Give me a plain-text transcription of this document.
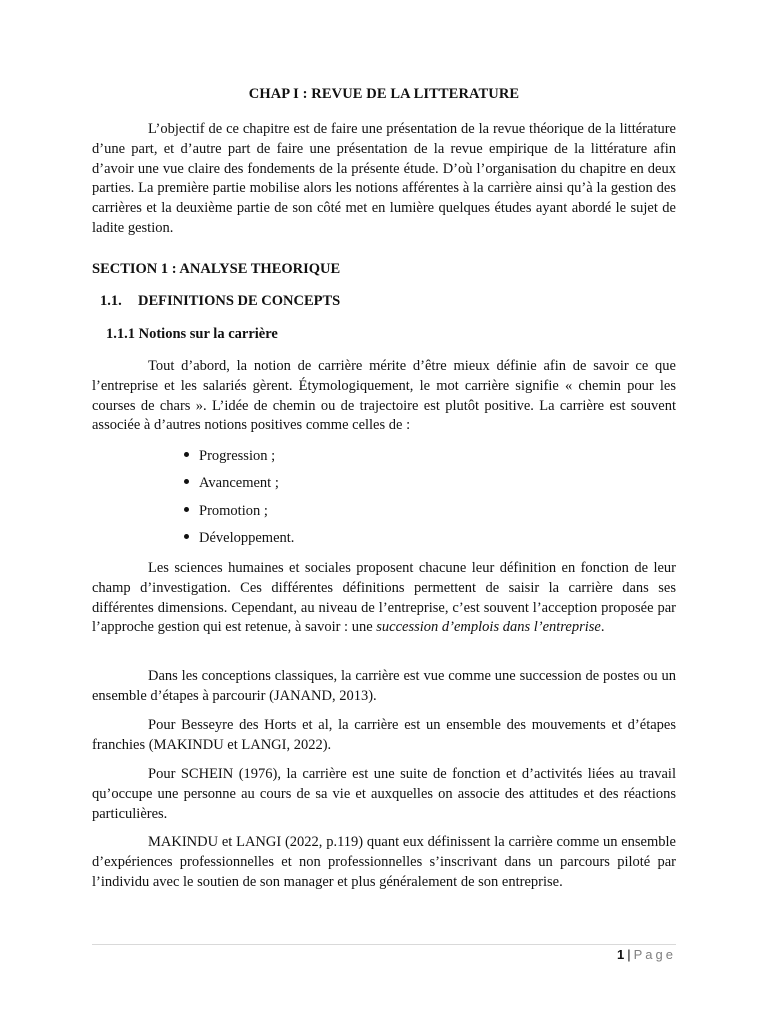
CHAP I : REVUE DE LA LITTERATURE

L’objectif de ce chapitre est de faire une présentation de la revue théorique de la littérature d’une part, et d’autre part de faire une présentation de la revue empirique de la littérature afin d’avoir une vue claire des fondements de la présente étude. D’où l’organisation du chapitre en deux parties. La première partie mobilise alors les notions afférentes à la carrière ainsi qu’à la gestion des carrières et la deuxième partie de son côté met en lumière quelques études ayant abordé le sujet de ladite gestion.

SECTION 1 : ANALYSE THEORIQUE
1.1. DEFINITIONS DE CONCEPTS
1.1.1 Notions sur la carrière

Tout d’abord, la notion de carrière mérite d’être mieux définie afin de savoir ce que l’entreprise et les salariés gèrent. Étymologiquement, le mot carrière signifie « chemin pour les courses de chars ». L’idée de chemin ou de trajectoire est plutôt positive. La carrière est souvent associée à d’autres notions positives comme celles de :

Progression ;
Avancement ;
Promotion ;
Développement.

Les sciences humaines et sociales proposent chacune leur définition en fonction de leur champ d’investigation. Ces différentes définitions permettent de saisir la carrière dans ses différentes dimensions. Cependant, au niveau de l’entreprise, c’est souvent l’acception proposée par l’approche gestion qui est retenue, à savoir : une succession d’emplois dans l’entreprise.

Dans les conceptions classiques, la carrière est vue comme une succession de postes ou un ensemble d’étapes à parcourir (JANAND, 2013).

Pour Besseyre des Horts et al, la carrière est un ensemble des mouvements et d’étapes franchies (MAKINDU et LANGI, 2022).

Pour SCHEIN (1976), la carrière est une suite de fonction et d’activités liées au travail qu’occupe une personne au cours de sa vie et auxquelles on associe des attitudes et des réactions particulières.

MAKINDU et LANGI (2022, p.119) quant eux définissent la carrière comme un ensemble d’expériences professionnelles et non professionnelles s’inscrivant dans un parcours piloté par l’individu avec le soutien de son manager et plus généralement de son entreprise.

1 | Page
